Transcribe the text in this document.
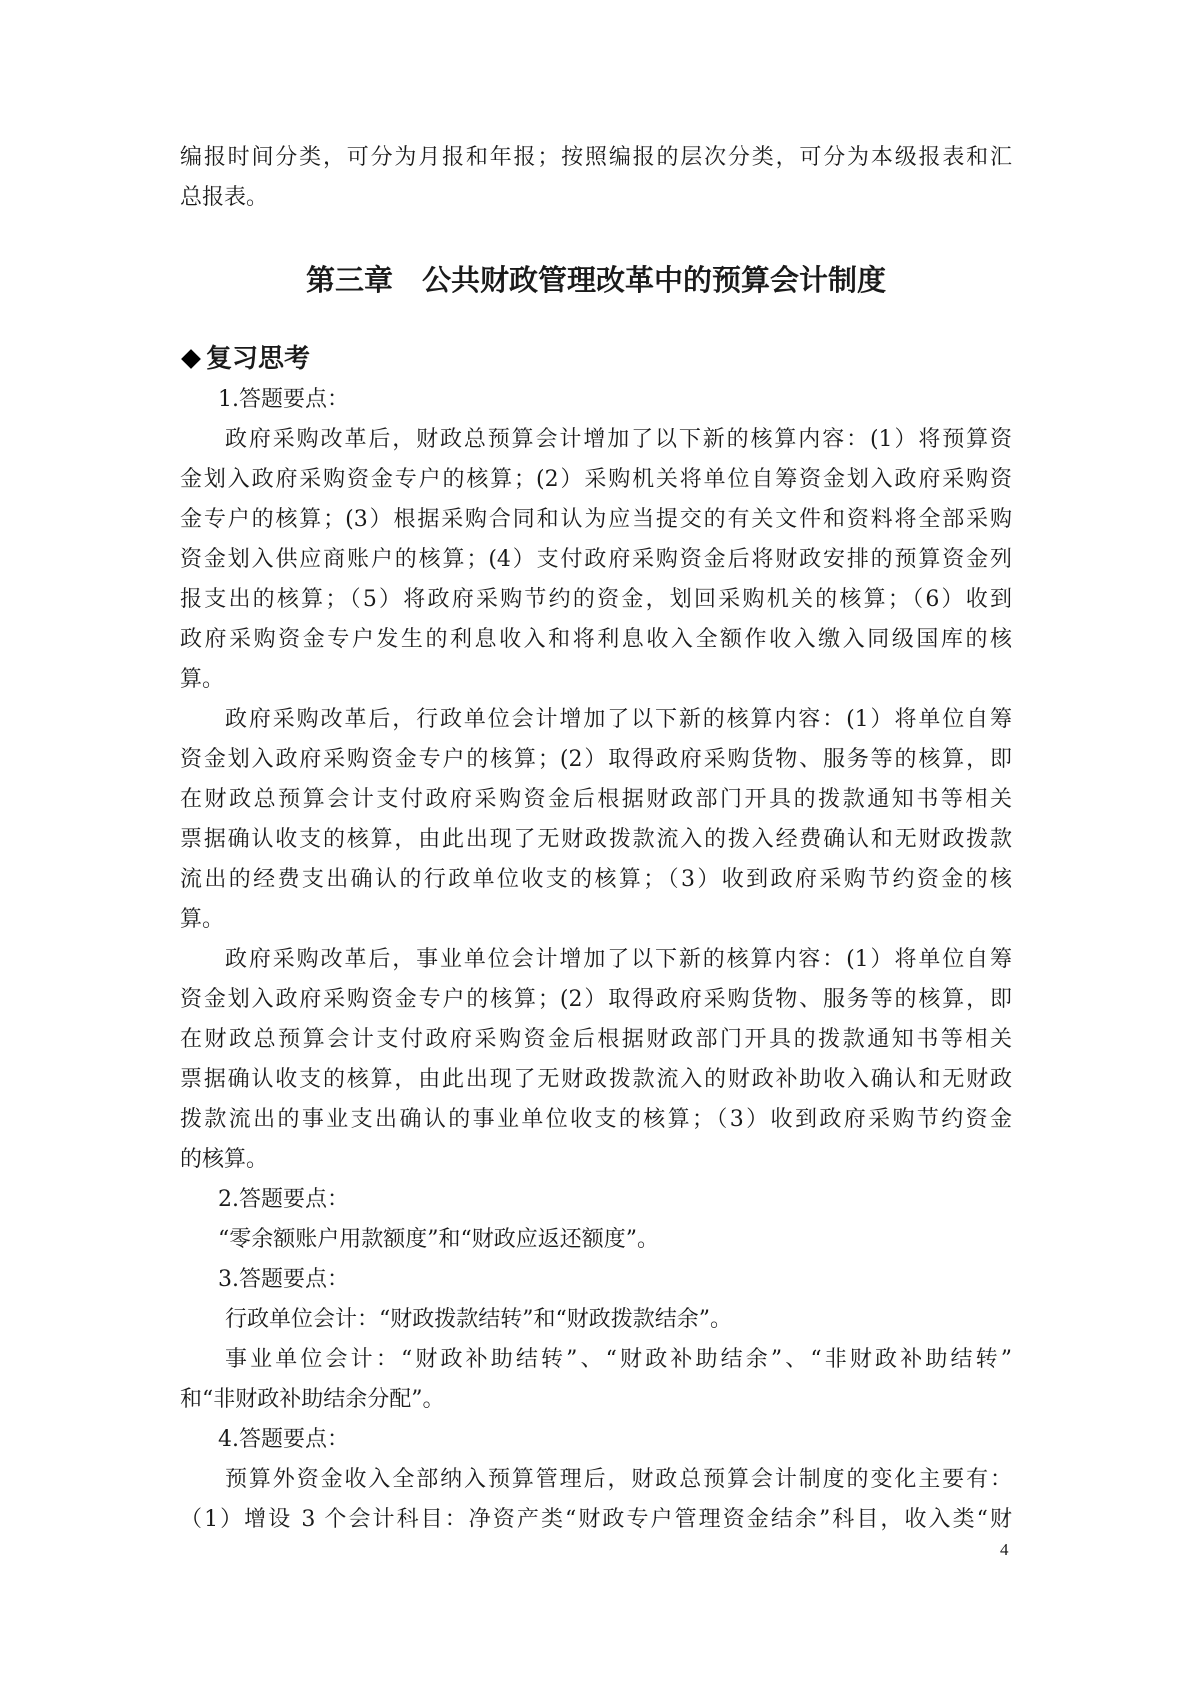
编报时间分类，可分为月报和年报；按照编报的层次分类，可分为本级报表和汇
总报表。
第三章　公共财政管理改革中的预算会计制度
复习思考
1.答题要点：
政府采购改革后，财政总预算会计增加了以下新的核算内容：(1）将预算资
金划入政府采购资金专户的核算；(2）采购机关将单位自筹资金划入政府采购资
金专户的核算；(3）根据采购合同和认为应当提交的有关文件和资料将全部采购
资金划入供应商账户的核算；(4）支付政府采购资金后将财政安排的预算资金列
报支出的核算；（5）将政府采购节约的资金，划回采购机关的核算；（6）收到
政府采购资金专户发生的利息收入和将利息收入全额作收入缴入同级国库的核
算。
政府采购改革后，行政单位会计增加了以下新的核算内容：(1）将单位自筹
资金划入政府采购资金专户的核算；(2）取得政府采购货物、服务等的核算，即
在财政总预算会计支付政府采购资金后根据财政部门开具的拨款通知书等相关
票据确认收支的核算，由此出现了无财政拨款流入的拨入经费确认和无财政拨款
流出的经费支出确认的行政单位收支的核算；（3）收到政府采购节约资金的核
算。
政府采购改革后，事业单位会计增加了以下新的核算内容：(1）将单位自筹
资金划入政府采购资金专户的核算；(2）取得政府采购货物、服务等的核算，即
在财政总预算会计支付政府采购资金后根据财政部门开具的拨款通知书等相关
票据确认收支的核算，由此出现了无财政拨款流入的财政补助收入确认和无财政
拨款流出的事业支出确认的事业单位收支的核算；（3）收到政府采购节约资金
的核算。
2.答题要点：
“零余额账户用款额度”和“财政应返还额度”。
3.答题要点：
行政单位会计：“财政拨款结转”和“财政拨款结余”。
事业单位会计：“财政补助结转”、“财政补助结余”、“非财政补助结转”
和“非财政补助结余分配”。
4.答题要点：
预算外资金收入全部纳入预算管理后，财政总预算会计制度的变化主要有：
（1）增设 3 个会计科目：净资产类“财政专户管理资金结余”科目，收入类“财
4
